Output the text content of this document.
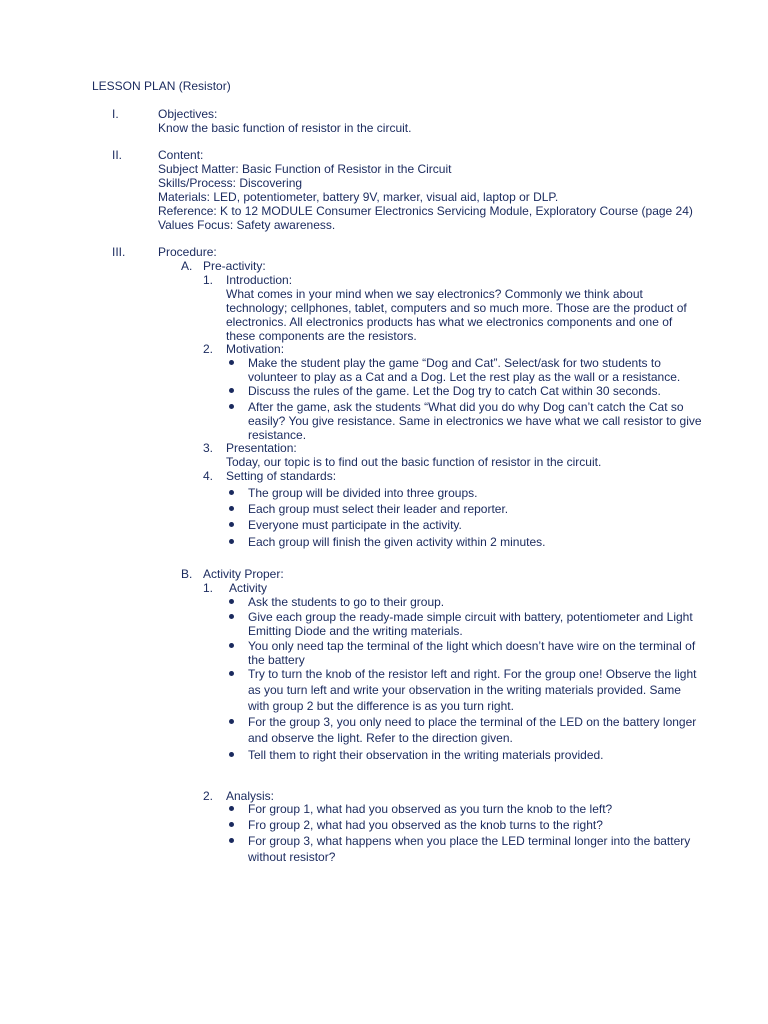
LESSON PLAN (Resistor)
I.	Objectives:
Know the basic function of resistor in the circuit.
II.	Content:
Subject Matter: Basic Function of Resistor in the Circuit
Skills/Process: Discovering
Materials: LED, potentiometer, battery 9V, marker, visual aid, laptop or DLP.
Reference: K to 12 MODULE Consumer Electronics Servicing Module, Exploratory Course (page 24)
Values Focus: Safety awareness.
III.	Procedure:
A. Pre-activity:
1. Introduction:
What comes in your mind when we say electronics? Commonly we think about
technology; cellphones, tablet, computers and so much more. Those are the product of
electronics. All electronics products has what we electronics components and one of
these components are the resistors.
2. Motivation:
Make the student play the game “Dog and Cat”. Select/ask for two students to
volunteer to play as a Cat and a Dog. Let the rest play as the wall or a resistance.
Discuss the rules of the game. Let the Dog try to catch Cat within 30 seconds.
After the game, ask the students “What did you do why Dog can’t catch the Cat so
easily? You give resistance. Same in electronics we have what we call resistor to give
resistance.
3. Presentation:
Today, our topic is to find out the basic function of resistor in the circuit.
4. Setting of standards:
The group will be divided into three groups.
Each group must select their leader and reporter.
Everyone must participate in the activity.
Each group will finish the given activity within 2 minutes.
B. Activity Proper:
1. Activity
Ask the students to go to their group.
Give each group the ready-made simple circuit with battery, potentiometer and Light
Emitting Diode and the writing materials.
You only need tap the terminal of the light which doesn’t have wire on the terminal of
the battery
Try to turn the knob of the resistor left and right. For the group one! Observe the light
as you turn left and write your observation in the writing materials provided. Same
with group 2 but the difference is as you turn right.
For the group 3, you only need to place the terminal of the LED on the battery longer
and observe the light. Refer to the direction given.
Tell them to right their observation in the writing materials provided.
2. Analysis:
For group 1, what had you observed as you turn the knob to the left?
Fro group 2, what had you observed as the knob turns to the right?
For group 3, what happens when you place the LED terminal longer into the battery
without resistor?
